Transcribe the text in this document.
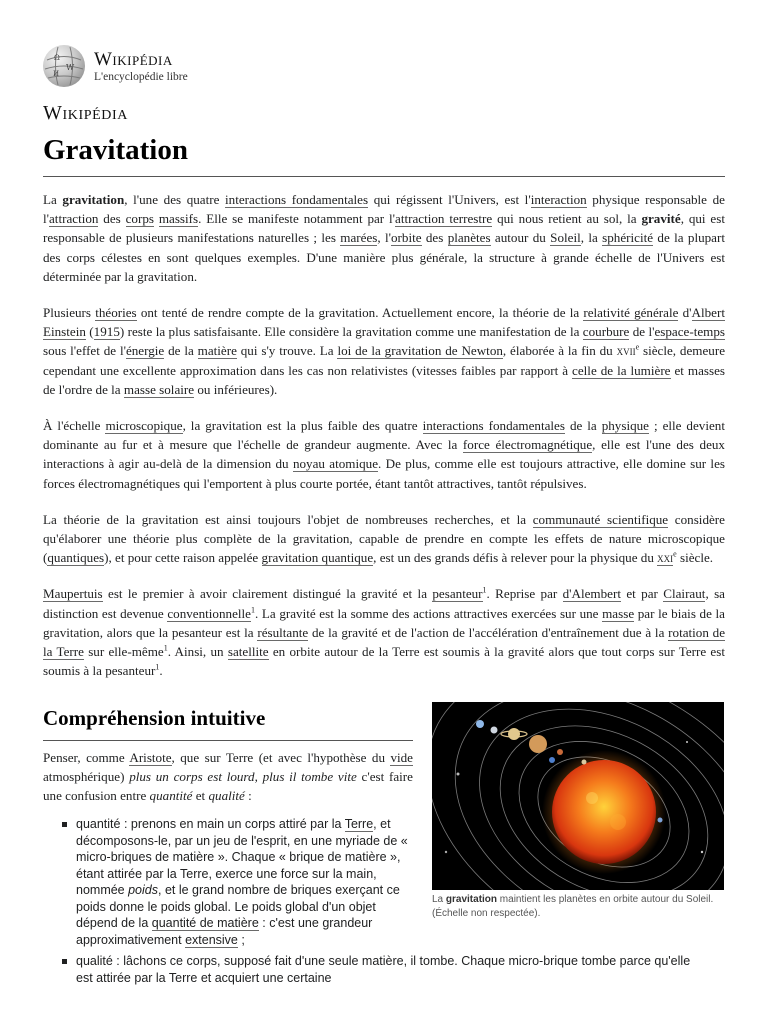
Ω
W
И
Wikipédia
L'encyclopédie libre
Wikipédia
Gravitation

La gravitation, l'une des quatre interactions fondamentales qui régissent l'Univers, est l'interaction physique responsable de l'attraction des corps massifs. Elle se manifeste notamment par l'attraction terrestre qui nous retient au sol, la gravité, qui est responsable de plusieurs manifestations naturelles ; les marées, l'orbite des planètes autour du Soleil, la sphéricité de la plupart des corps célestes en sont quelques exemples. D'une manière plus générale, la structure à grande échelle de l'Univers est déterminée par la gravitation.

Plusieurs théories ont tenté de rendre compte de la gravitation. Actuellement encore, la théorie de la relativité générale d'Albert Einstein (1915) reste la plus satisfaisante. Elle considère la gravitation comme une manifestation de la courbure de l'espace-temps sous l'effet de l'énergie de la matière qui s'y trouve. La loi de la gravitation de Newton, élaborée à la fin du xvii$^e$ siècle, demeure cependant une excellente approximation dans les cas non relativistes (vitesses faibles par rapport à celle de la lumière et masses de l'ordre de la masse solaire ou inférieures).

À l'échelle microscopique, la gravitation est la plus faible des quatre interactions fondamentales de la physique ; elle devient dominante au fur et à mesure que l'échelle de grandeur augmente. Avec la force électromagnétique, elle est l'une des deux interactions à agir au-delà de la dimension du noyau atomique. De plus, comme elle est toujours attractive, elle domine sur les forces électromagnétiques qui l'emportent à plus courte portée, étant tantôt attractives, tantôt répulsives.

La théorie de la gravitation est ainsi toujours l'objet de nombreuses recherches, et la communauté scientifique considère qu'élaborer une théorie plus complète de la gravitation, capable de prendre en compte les effets de nature microscopique (quantiques), et pour cette raison appelée gravitation quantique, est un des grands défis à relever pour la physique du xxi$^e$ siècle.

Maupertuis est le premier à avoir clairement distingué la gravité et la pesanteur$^1$. Reprise par d'Alembert et par Clairaut, sa distinction est devenue conventionnelle$^1$. La gravité est la somme des actions attractives exercées sur une masse par le biais de la gravitation, alors que la pesanteur est la résultante de la gravité et de l'action de l'accélération d'entraînement due à la rotation de la Terre sur elle-même$^1$. Ainsi, un satellite en orbite autour de la Terre est soumis à la gravité alors que tout corps sur Terre est soumis à la pesanteur$^1$.

Compréhension intuitive

Penser, comme Aristote, que sur Terre (et avec l'hypothèse du vide atmosphérique) plus un corps est lourd, plus il tombe vite c'est faire une confusion entre quantité et qualité :

quantité : prenons en main un corps attiré par la Terre, et décomposons-le, par un jeu de l'esprit, en une myriade de « micro-briques de matière ». Chaque « brique de matière », étant attirée par la Terre, exerce une force sur la main, nommée poids, et le grand nombre de briques exerçant ce poids donne le poids global. Le poids global d'un objet dépend de la quantité de matière : c'est une grandeur approximativement extensive ;
qualité : lâchons ce corps, supposé fait d'une seule matière, il tombe. Chaque micro-brique tombe parce qu'elle est attirée par la Terre et acquiert une certaine
La gravitation maintient les planètes en orbite autour du Soleil. (Échelle non respectée).
